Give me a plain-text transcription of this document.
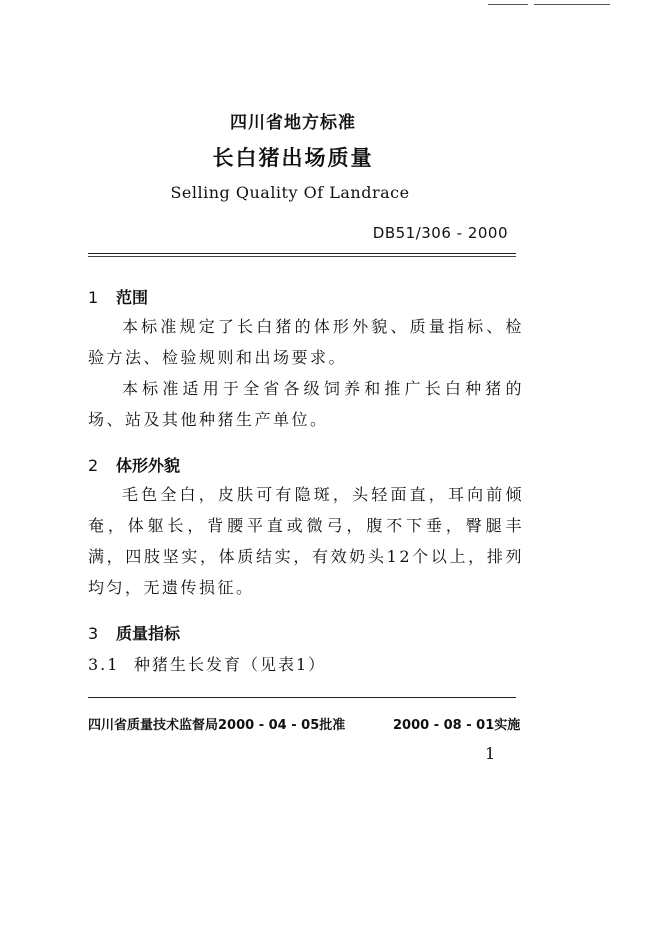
四川省地方标准
长白猪出场质量
Selling Quality Of Landrace
DB51/306 - 2000
1 范围
本标准规定了长白猪的体形外貌、质量指标、检验方法、检验规则和出场要求。
本标准适用于全省各级饲养和推广长白种猪的场、站及其他种猪生产单位。
2 体形外貌
毛色全白，皮肤可有隐斑，头轻面直，耳向前倾奄，体躯长，背腰平直或微弓，腹不下垂，臀腿丰满，四肢坚实，体质结实，有效奶头12个以上，排列均匀，无遗传损征。
3 质量指标
3.1 种猪生长发育（见表1）
四川省质量技术监督局2000 - 04 - 05批准	2000 - 08 - 01实施
1
